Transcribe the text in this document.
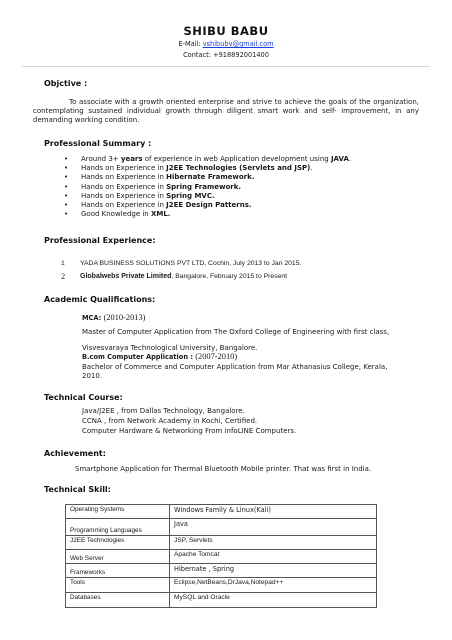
SHIBU BABU
E-Mail: vshibubv@gmail.com
Contact: +918892001400
Objctive :
To associate with a growth oriented enterprise and strive to achieve the goals of the organization, contemplating sustained individual growth through diligent smart work and self- improvement, in any demanding working condition.
Professional Summary :
• Around 3+ years of experience in web Application development using JAVA.
• Hands on Experience in J2EE Technologies (Servlets and JSP).
• Hands on Experience in Hibernate Framework.
• Hands on Experience in Spring Framework.
• Hands on Experience in Spring MVC.
• Hands on Experience in J2EE Design Patterns.
• Good Knowledge in XML.
Professional Experience:
1 YADA BUSINESS SOLUTIONS PVT LTD, Cochin, July 2013 to Jan 2015.
2 Globalwebs Private Limited, Bangalore, February 2015 to Present
Academic Qualifications:
MCA: (2010-2013)
Master of Computer Application from The Oxford College of Engineering with first class,
Visvesvaraya Technological University, Bangalore.
B.com Computer Application : (2007-2010)
Bachelor of Commerce and Computer Application from Mar Athanasius College, Kerala,
2010.
Technical Course:
Java/J2EE , from Dallas Technology, Bangalore.
CCNA , from Network Academy in Kochi, Certified.
Computer Hardware & Networking From infoLINE Computers.
Achievement:
Smartphone Application for Thermal Bluetooth Mobile printer. That was first in India.
Technical Skill:
Operating Systems	Windows Family & Linux(Kali)
Programming Languages	Java
J2EE Technologies	JSP, Servlets
Web Server	Apache Tomcat
Frameworks	Hibernate , Spring
Tools	Eclipse,NetBeans,DrJava,Notepad++
Databases	MySQL and Oracle
